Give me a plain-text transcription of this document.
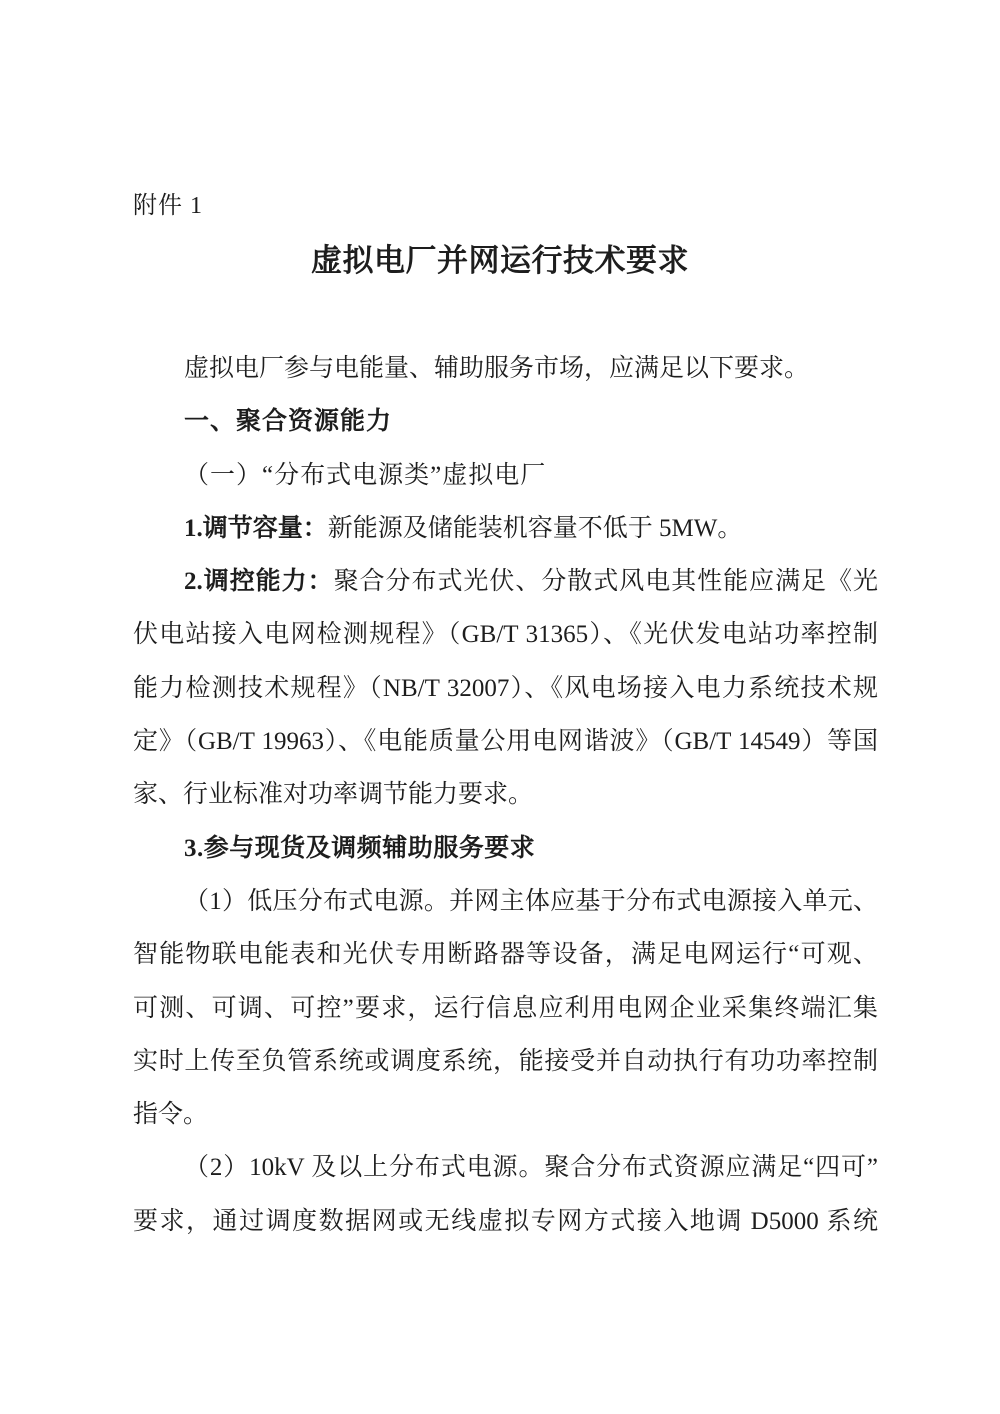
附件 1
虚拟电厂并网运行技术要求
虚拟电厂参与电能量、辅助服务市场，应满足以下要求。
一、聚合资源能力
（一）“分布式电源类”虚拟电厂
1.调节容量：新能源及储能装机容量不低于 5MW。
2.调控能力：聚合分布式光伏、分散式风电其性能应满足《光
伏电站接入电网检测规程》（GB/T 31365）、《光伏发电站功率控制
能力检测技术规程》（NB/T 32007）、《风电场接入电力系统技术规
定》（GB/T 19963）、《电能质量公用电网谐波》（GB/T 14549）等国
家、行业标准对功率调节能力要求。
3.参与现货及调频辅助服务要求
（1）低压分布式电源。并网主体应基于分布式电源接入单元、
智能物联电能表和光伏专用断路器等设备，满足电网运行“可观、
可测、可调、可控”要求，运行信息应利用电网企业采集终端汇集
实时上传至负管系统或调度系统，能接受并自动执行有功功率控制
指令。
（2）10kV 及以上分布式电源。聚合分布式资源应满足“四可”
要求，通过调度数据网或无线虚拟专网方式接入地调 D5000 系统
